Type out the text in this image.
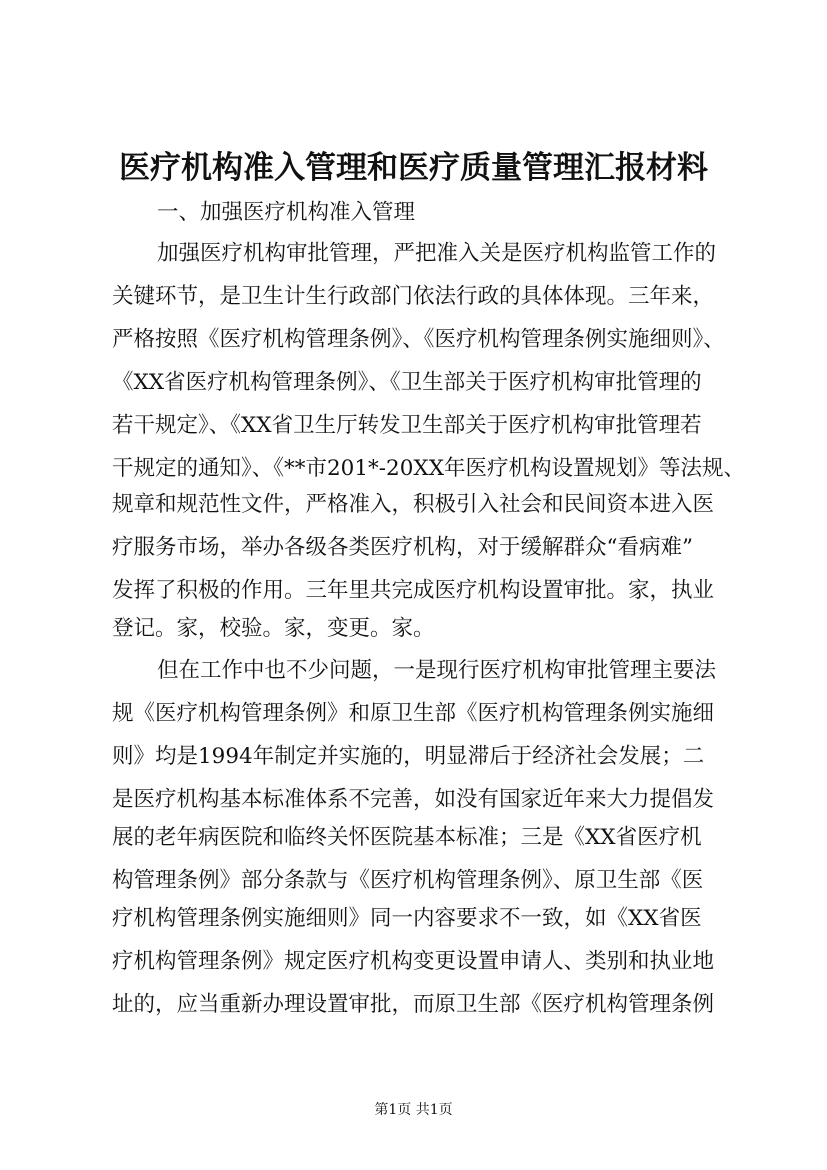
医疗机构准入管理和医疗质量管理汇报材料
一、加强医疗机构准入管理
加强医疗机构审批管理，严把准入关是医疗机构监管工作的
关键环节，是卫生计生行政部门依法行政的具体体现。三年来，
严格按照《医疗机构管理条例》、《医疗机构管理条例实施细则》、
《XX省医疗机构管理条例》、《卫生部关于医疗机构审批管理的
若干规定》、《XX省卫生厅转发卫生部关于医疗机构审批管理若
干规定的通知》、《**市201*-20XX年医疗机构设置规划》等法规、
规章和规范性文件，严格准入，积极引入社会和民间资本进入医
疗服务市场，举办各级各类医疗机构，对于缓解群众“看病难”
发挥了积极的作用。三年里共完成医疗机构设置审批。家，执业
登记。家，校验。家，变更。家。
但在工作中也不少问题，一是现行医疗机构审批管理主要法
规《医疗机构管理条例》和原卫生部《医疗机构管理条例实施细
则》均是1994年制定并实施的，明显滞后于经济社会发展；二
是医疗机构基本标准体系不完善，如没有国家近年来大力提倡发
展的老年病医院和临终关怀医院基本标准；三是《XX省医疗机
构管理条例》部分条款与《医疗机构管理条例》、原卫生部《医
疗机构管理条例实施细则》同一内容要求不一致，如《XX省医
疗机构管理条例》规定医疗机构变更设置申请人、类别和执业地
址的，应当重新办理设置审批，而原卫生部《医疗机构管理条例
第1页 共1页
